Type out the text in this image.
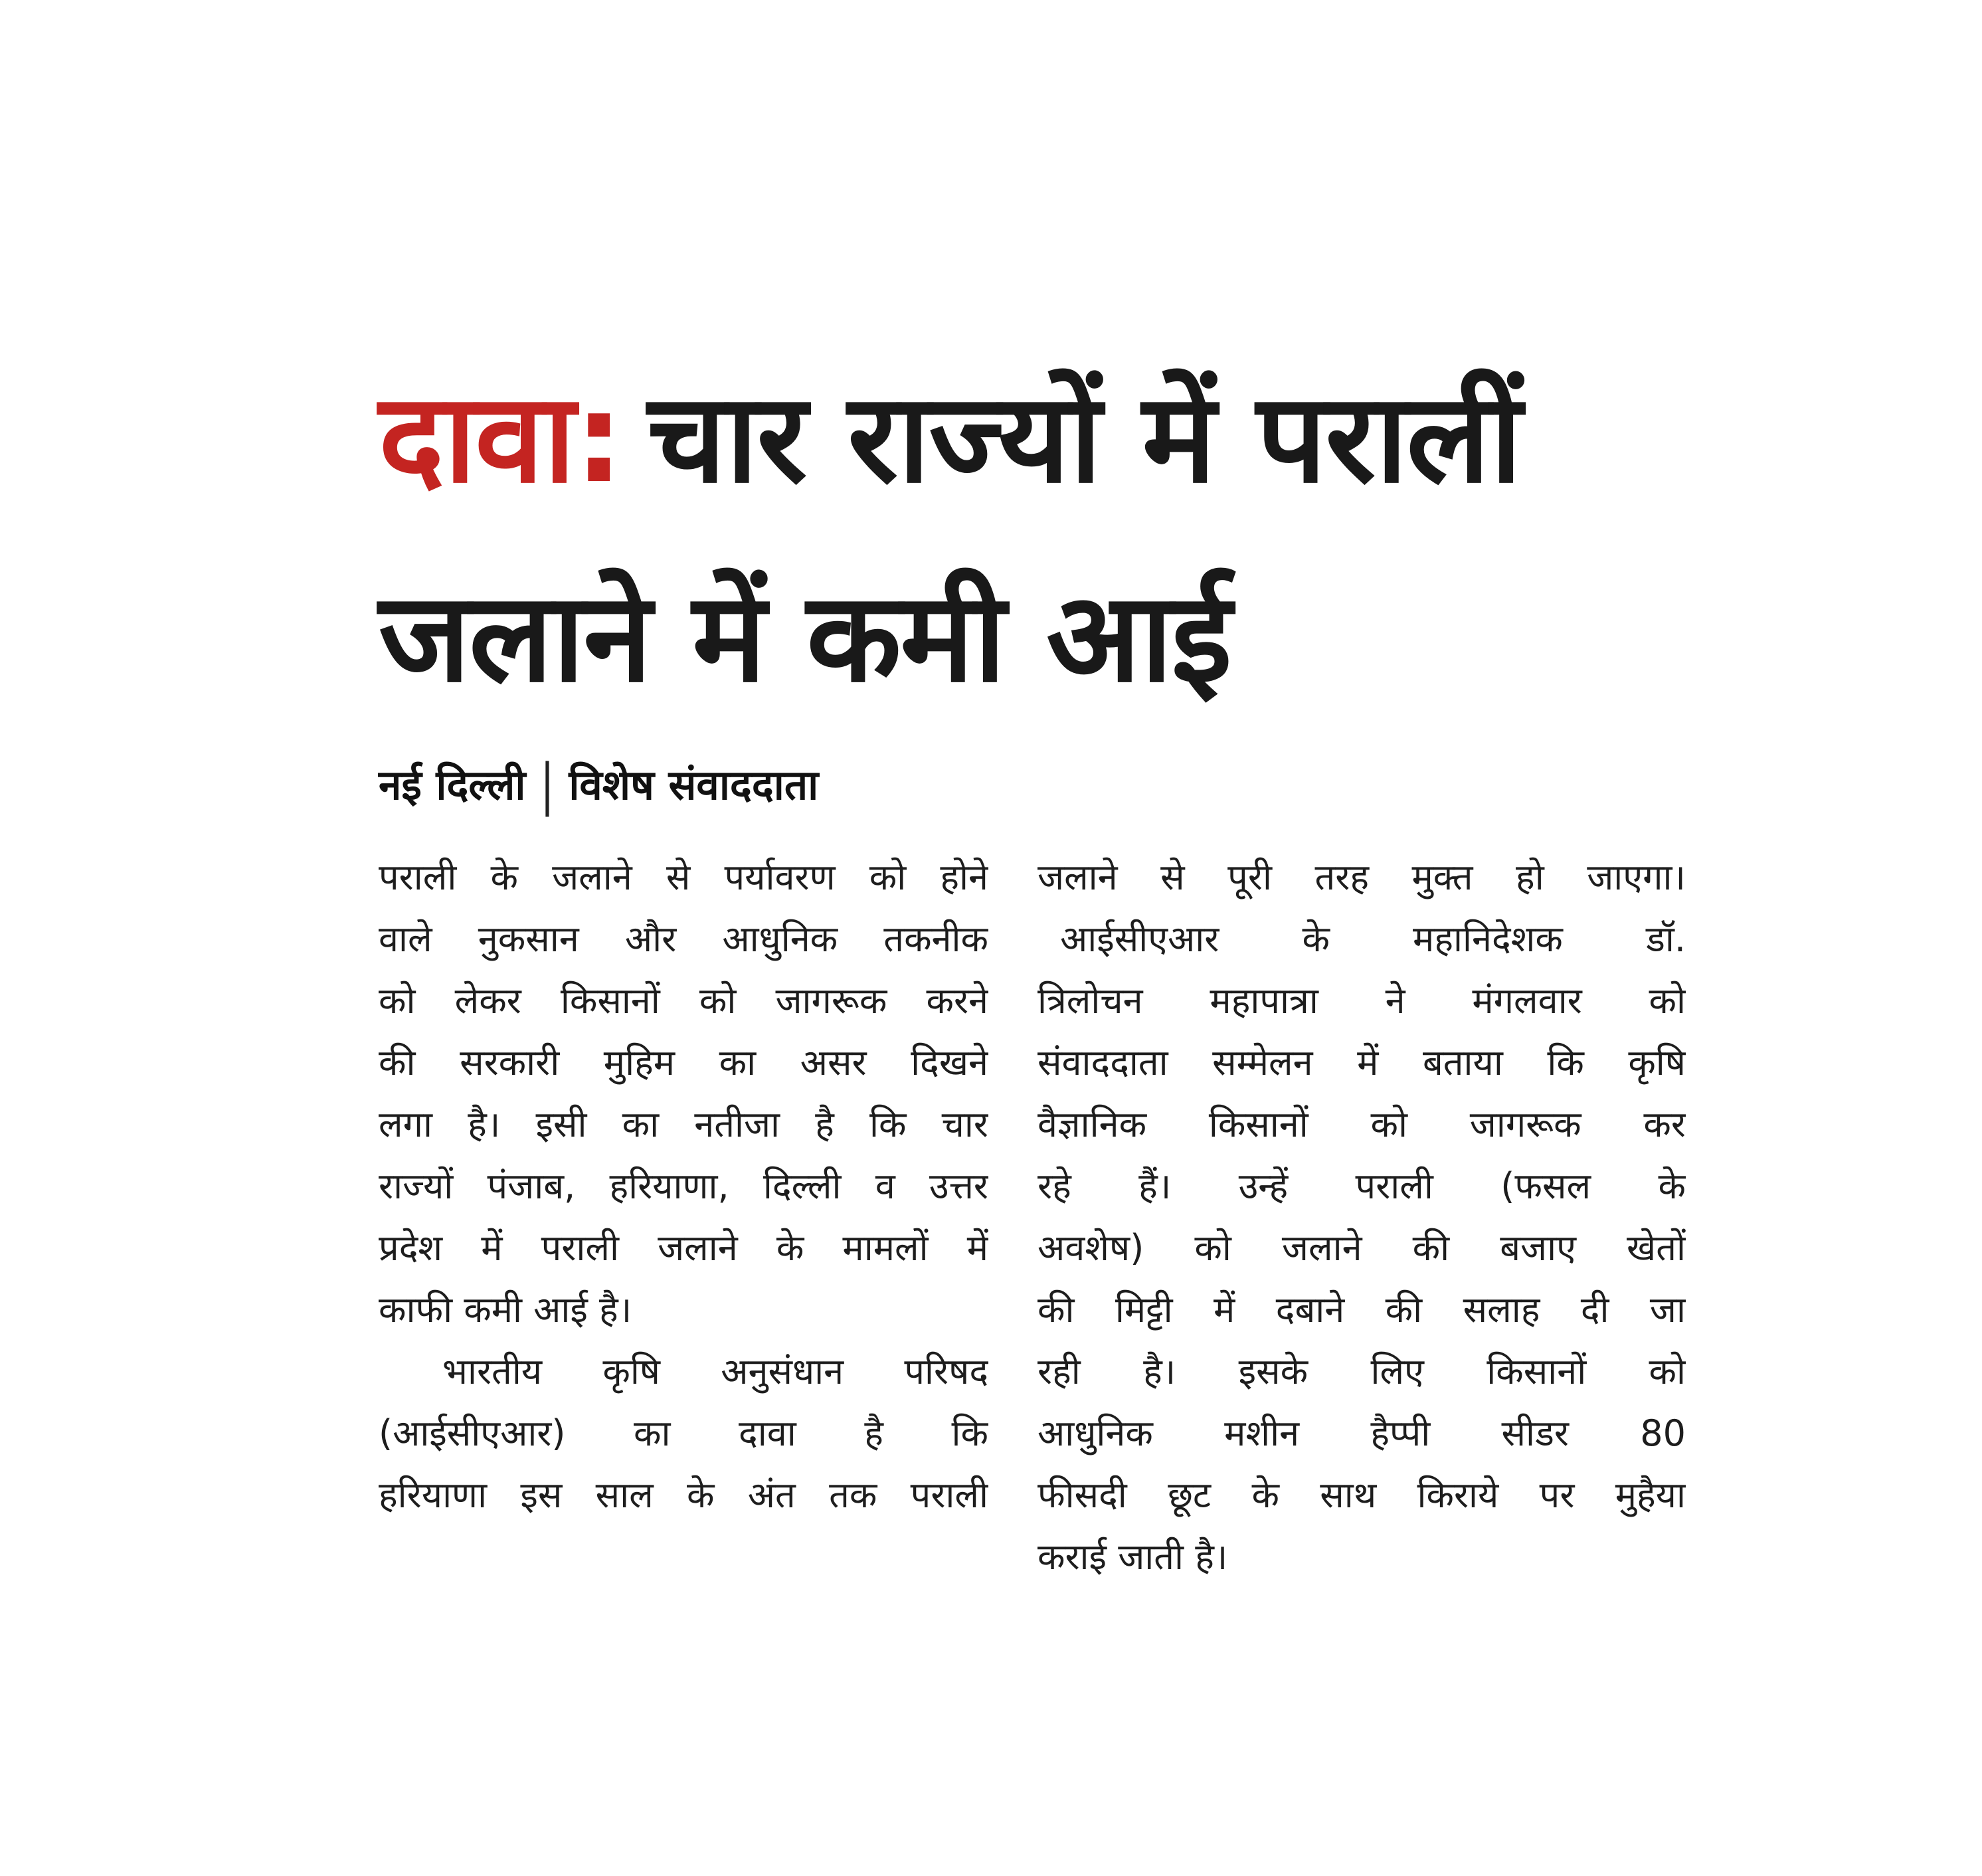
दावा: चार राज्यों में परालीं
जलाने में कमी आई
नई दिल्ली | विशेष संवाददाता
पराली के जलाने से पर्यावरण को होने
वाले नुकसान और आधुनिक तकनीक
को लेकर किसानों को जागरूक करने
की सरकारी मुहिम का असर दिखने
लगा है। इसी का नतीजा है कि चार
राज्यों पंजाब, हरियाणा, दिल्ली व उत्तर
प्रदेश में पराली जलाने के मामलों में
काफी कमी आई है।
भारतीय कृषि अनुसंधान परिषद
(आईसीएआर) का दावा है कि
हरियाणा इस साल के अंत तक पराली
जलाने से पूरी तरह मुक्त हो जाएगा।
आईसीएआर के महानिदेशक डॉ.
त्रिलोचन महापात्रा ने मंगलवार को
संवाददाता सम्मेलन में बताया कि कृषि
वैज्ञानिक किसानों को जागरूक कर
रहे हैं। उन्हें पराली (फसल के
अवशेष) को जलाने की बजाए खेतों
की मिट्टी में दबाने की सलाह दी जा
रही है। इसके लिए किसानों को
आधुनिक मशीन हैप्पी सीडर 80
फीसदी छूट के साथ किराये पर मुहैया
कराई जाती है।
